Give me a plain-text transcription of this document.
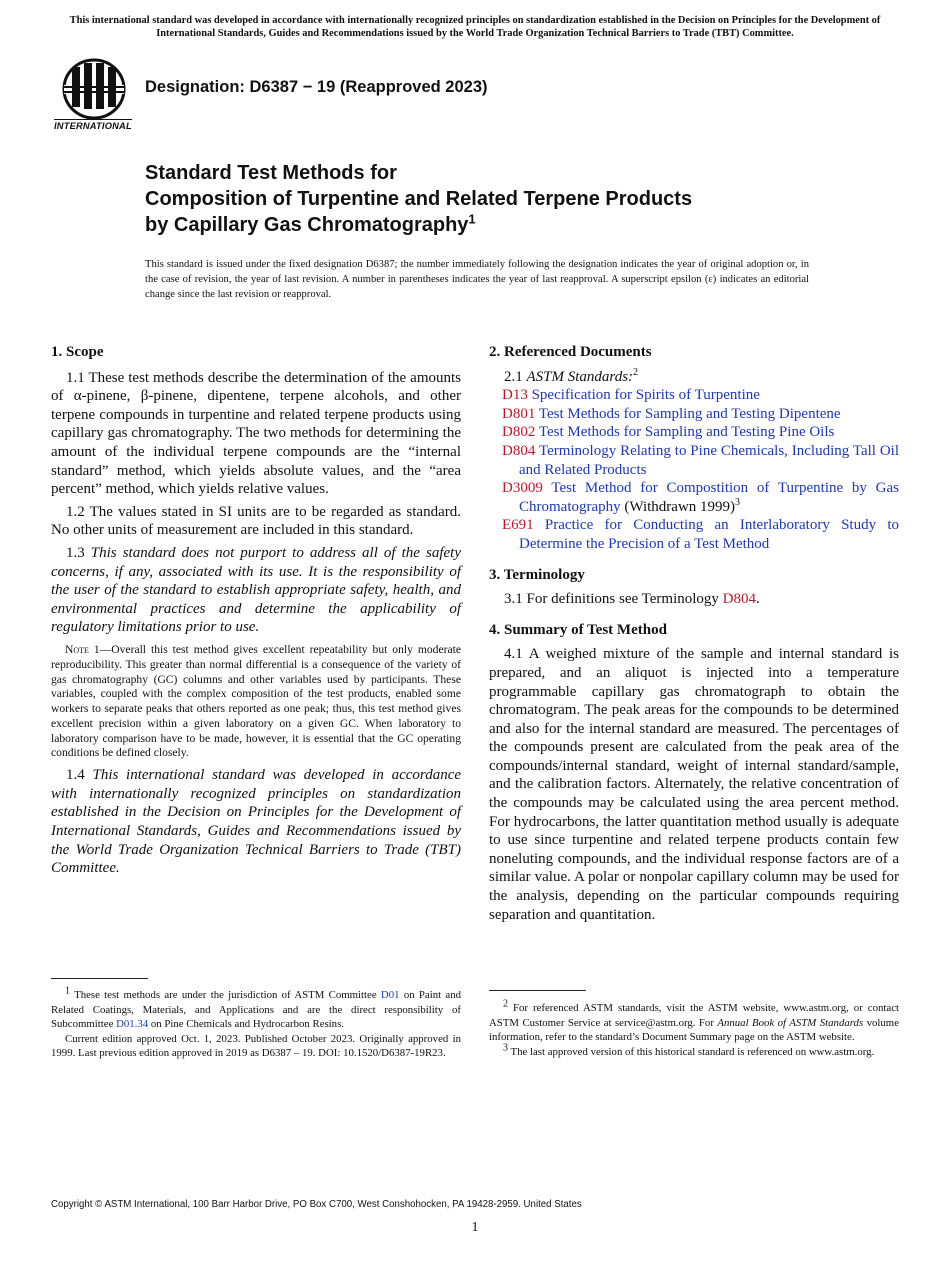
This international standard was developed in accordance with internationally recognized principles on standardization established in the Decision on Principles for the Development of International Standards, Guides and Recommendations issued by the World Trade Organization Technical Barriers to Trade (TBT) Committee.
INTERNATIONAL
Designation: D6387 − 19 (Reapproved 2023)
Standard Test Methods for
Composition of Turpentine and Related Terpene Products
by Capillary Gas Chromatography$^1$
This standard is issued under the fixed designation D6387; the number immediately following the designation indicates the year of original adoption or, in the case of revision, the year of last revision. A number in parentheses indicates the year of last reapproval. A superscript epsilon (ε) indicates an editorial change since the last revision or reapproval.

1. Scope

1.1 These test methods describe the determination of the amounts of α-pinene, β-pinene, dipentene, terpene alcohols, and other terpene compounds in turpentine and related terpene products using capillary gas chromatography. The two methods for determining the amount of the individual terpene compounds are the “internal standard” method, which yields absolute values, and the “area percent” method, which yields relative values.

1.2 The values stated in SI units are to be regarded as standard. No other units of measurement are included in this standard.

1.3 This standard does not purport to address all of the safety concerns, if any, associated with its use. It is the responsibility of the user of the standard to establish appropriate safety, health, and environmental practices and determine the applicability of regulatory limitations prior to use.

Note 1—Overall this test method gives excellent repeatability but only moderate reproducibility. This greater than normal differential is a consequence of the variety of gas chromatography (GC) columns and other variables used by participants. These variables, coupled with the complex composition of the test products, enabled some workers to separate peaks that others reported as one peak; thus, this test method gives excellent precision within a given laboratory on a given GC. When laboratory to laboratory comparison have to be made, however, it is essential that the GC operating conditions be defined closely.

1.4 This international standard was developed in accordance with internationally recognized principles on standardization established in the Decision on Principles for the Development of International Standards, Guides and Recommendations issued by the World Trade Organization Technical Barriers to Trade (TBT) Committee.

$^1$ These test methods are under the jurisdiction of ASTM Committee D01 on Paint and Related Coatings, Materials, and Applications and are the direct responsibility of Subcommittee D01.34 on Pine Chemicals and Hydrocarbon Resins.

Current edition approved Oct. 1, 2023. Published October 2023. Originally approved in 1999. Last previous edition approved in 2019 as D6387 – 19. DOI: 10.1520/D6387-19R23.

2. Referenced Documents

2.1 ASTM Standards:$^2$

D13 Specification for Spirits of Turpentine

D801 Test Methods for Sampling and Testing Dipentene

D802 Test Methods for Sampling and Testing Pine Oils

D804 Terminology Relating to Pine Chemicals, Including Tall Oil and Related Products

D3009 Test Method for Compostition of Turpentine by Gas Chromatography (Withdrawn 1999)$^3$

E691 Practice for Conducting an Interlaboratory Study to Determine the Precision of a Test Method

3. Terminology

3.1 For definitions see Terminology D804.

4. Summary of Test Method

4.1 A weighed mixture of the sample and internal standard is prepared, and an aliquot is injected into a temperature programmable capillary gas chromatograph to obtain the chromatogram. The peak areas for the compounds to be determined and also for the internal standard are measured. The percentages of the compounds present are calculated from the peak area of the compounds/internal standard, weight of internal standard/sample, and the calibration factors. Alternately, the relative concentration of the compounds may be calculated using the area percent method. For hydrocarbons, the latter quantitation method usually is adequate to use since turpentine and related terpene products contain few noneluting compounds, and the individual response factors are of a similar value. A polar or nonpolar capillary column may be used for the analysis, depending on the particular compounds requiring separation and quantitation.

$^2$ For referenced ASTM standards, visit the ASTM website, www.astm.org, or contact ASTM Customer Service at service@astm.org. For Annual Book of ASTM Standards volume information, refer to the standard’s Document Summary page on the ASTM website.

$^3$ The last approved version of this historical standard is referenced on www.astm.org.

Copyright © ASTM International, 100 Barr Harbor Drive, PO Box C700, West Conshohocken, PA 19428-2959. United States
1
